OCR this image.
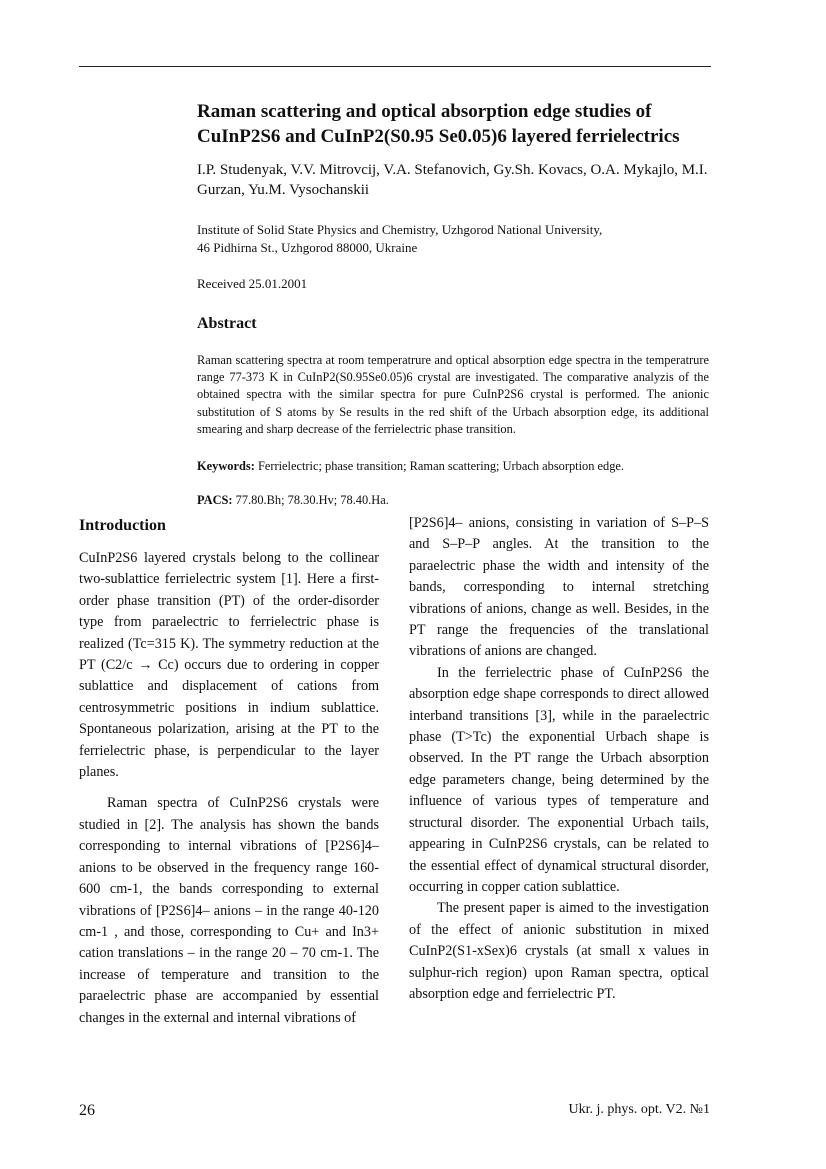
Raman scattering and optical absorption edge studies of CuInP2S6 and CuInP2(S0.95 Se0.05)6 layered ferrielectrics
I.P. Studenyak, V.V. Mitrovcij, V.A. Stefanovich, Gy.Sh. Kovacs, O.A. Mykajlo, M.I. Gurzan, Yu.M. Vysochanskii
Institute of Solid State Physics and Chemistry, Uzhgorod National University,
46 Pidhirna St., Uzhgorod 88000, Ukraine
Received 25.01.2001
Abstract

Raman scattering spectra at room temperatrure and optical absorption edge spectra in the temperatrure range 77-373 K in CuInP2(S0.95Se0.05)6 crystal are investigated. The comparative analyzis of the obtained spectra with the similar spectra for pure CuInP2S6 crystal is performed. The anionic substitution of S atoms by Se results in the red shift of the Urbach absorption edge, its additional smearing and sharp decrease of the ferrielectric phase transition.

Keywords: Ferrielectric; phase transition; Raman scattering; Urbach absorption edge.

PACS: 77.80.Bh; 78.30.Hv; 78.40.Ha.

Introduction

CuInP2S6 layered crystals belong to the collinear two-sublattice ferrielectric system [1]. Here a first-order phase transition (PT) of the order-disorder type from paraelectric to ferrielectric phase is realized (Tc=315 K). The symmetry reduction at the PT (C2/c → Cc) occurs due to ordering in copper sublattice and displacement of cations from centrosymmetric positions in indium sublattice. Spontaneous polarization, arising at the PT to the ferrielectric phase, is perpendicular to the layer planes.

Raman spectra of CuInP2S6 crystals were studied in [2]. The analysis has shown the bands corresponding to internal vibrations of [P2S6]4– anions to be observed in the frequency range 160-600 cm-1, the bands corresponding to external vibrations of [P2S6]4– anions – in the range 40-120 cm-1 , and those, corresponding to Cu+ and In3+ cation translations – in the range 20 – 70 cm-1. The increase of temperature and transition to the paraelectric phase are accompanied by essential changes in the external and internal vibrations of

[P2S6]4– anions, consisting in variation of S–P–S and S–P–P angles. At the transition to the paraelectric phase the width and intensity of the bands, corresponding to internal stretching vibrations of anions, change as well. Besides, in the PT range the frequencies of the translational vibrations of anions are changed.

In the ferrielectric phase of CuInP2S6 the absorption edge shape corresponds to direct allowed interband transitions [3], while in the paraelectric phase (T>Tc) the exponential Urbach shape is observed. In the PT range the Urbach absorption edge parameters change, being determined by the influence of various types of temperature and structural disorder. The exponential Urbach tails, appearing in CuInP2S6 crystals, can be related to the essential effect of dynamical structural disorder, occurring in copper cation sublattice.

The present paper is aimed to the investigation of the effect of anionic substitution in mixed CuInP2(S1-xSex)6 crystals (at small x values in sulphur-rich region) upon Raman spectra, optical absorption edge and ferrielectric PT.

26	Ukr. j. phys. opt. V2. №1
